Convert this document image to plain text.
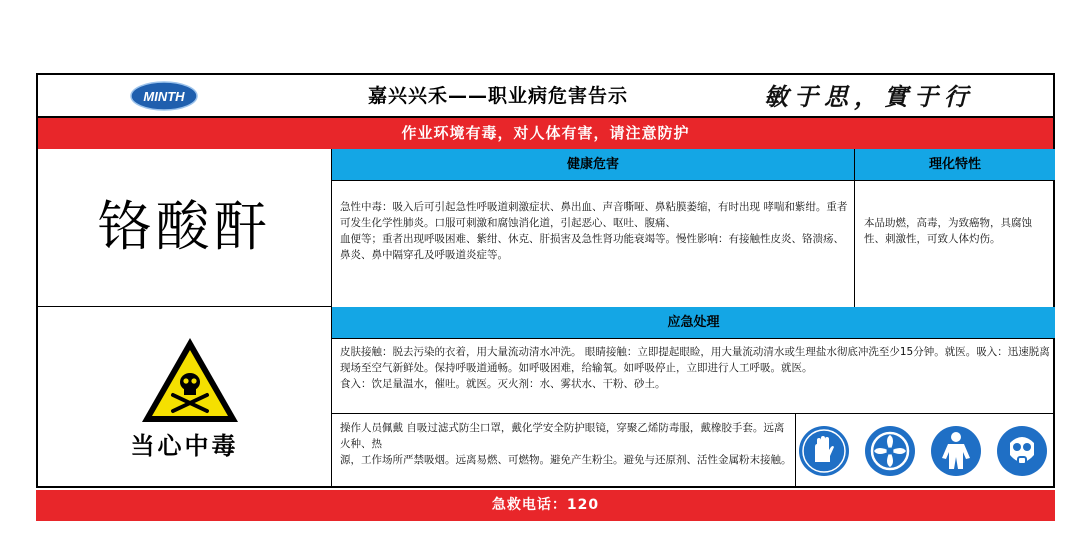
MINTH	嘉兴兴禾——职业病危害告示	敏于思，實于行
作业环境有毒，对人体有害，请注意防护
铬酸酐
健康危害	理化特性
急性中毒：吸入后可引起急性呼吸道刺激症状、鼻出血、声音嘶哑、鼻粘膜萎缩，有时出现 哮喘和紫绀。重者可发生化学性肺炎。口服可刺激和腐蚀消化道，引起恶心、呕吐、腹痛、
血便等；重者出现呼吸困难、紫绀、休克、肝损害及急性肾功能衰竭等。慢性影响：有接触性皮炎、铬溃疡、鼻炎、鼻中隔穿孔及呼吸道炎症等。
本品助燃，高毒，为致癌物，具腐蚀性、刺激性，可致人体灼伤。
当心中毒
应急处理
皮肤接触：脱去污染的衣着，用大量流动清水冲洗。 眼睛接触：立即提起眼睑，用大量流动清水或生理盐水彻底冲洗至少15分钟。就医。吸入：迅速脱离现场至空气新鲜处。保持呼吸道通畅。如呼吸困难，给输氧。如呼吸停止，立即进行人工呼吸。就医。
食入：饮足量温水，催吐。就医。灭火剂：水、雾状水、干粉、砂土。
操作人员佩戴 自吸过滤式防尘口罩，戴化学安全防护眼镜，穿聚乙烯防毒服，戴橡胶手套。远离火种、热
源，工作场所严禁吸烟。远离易燃、可燃物。避免产生粉尘。避免与还原剂、活性金属粉末接触。
急救电话：120
